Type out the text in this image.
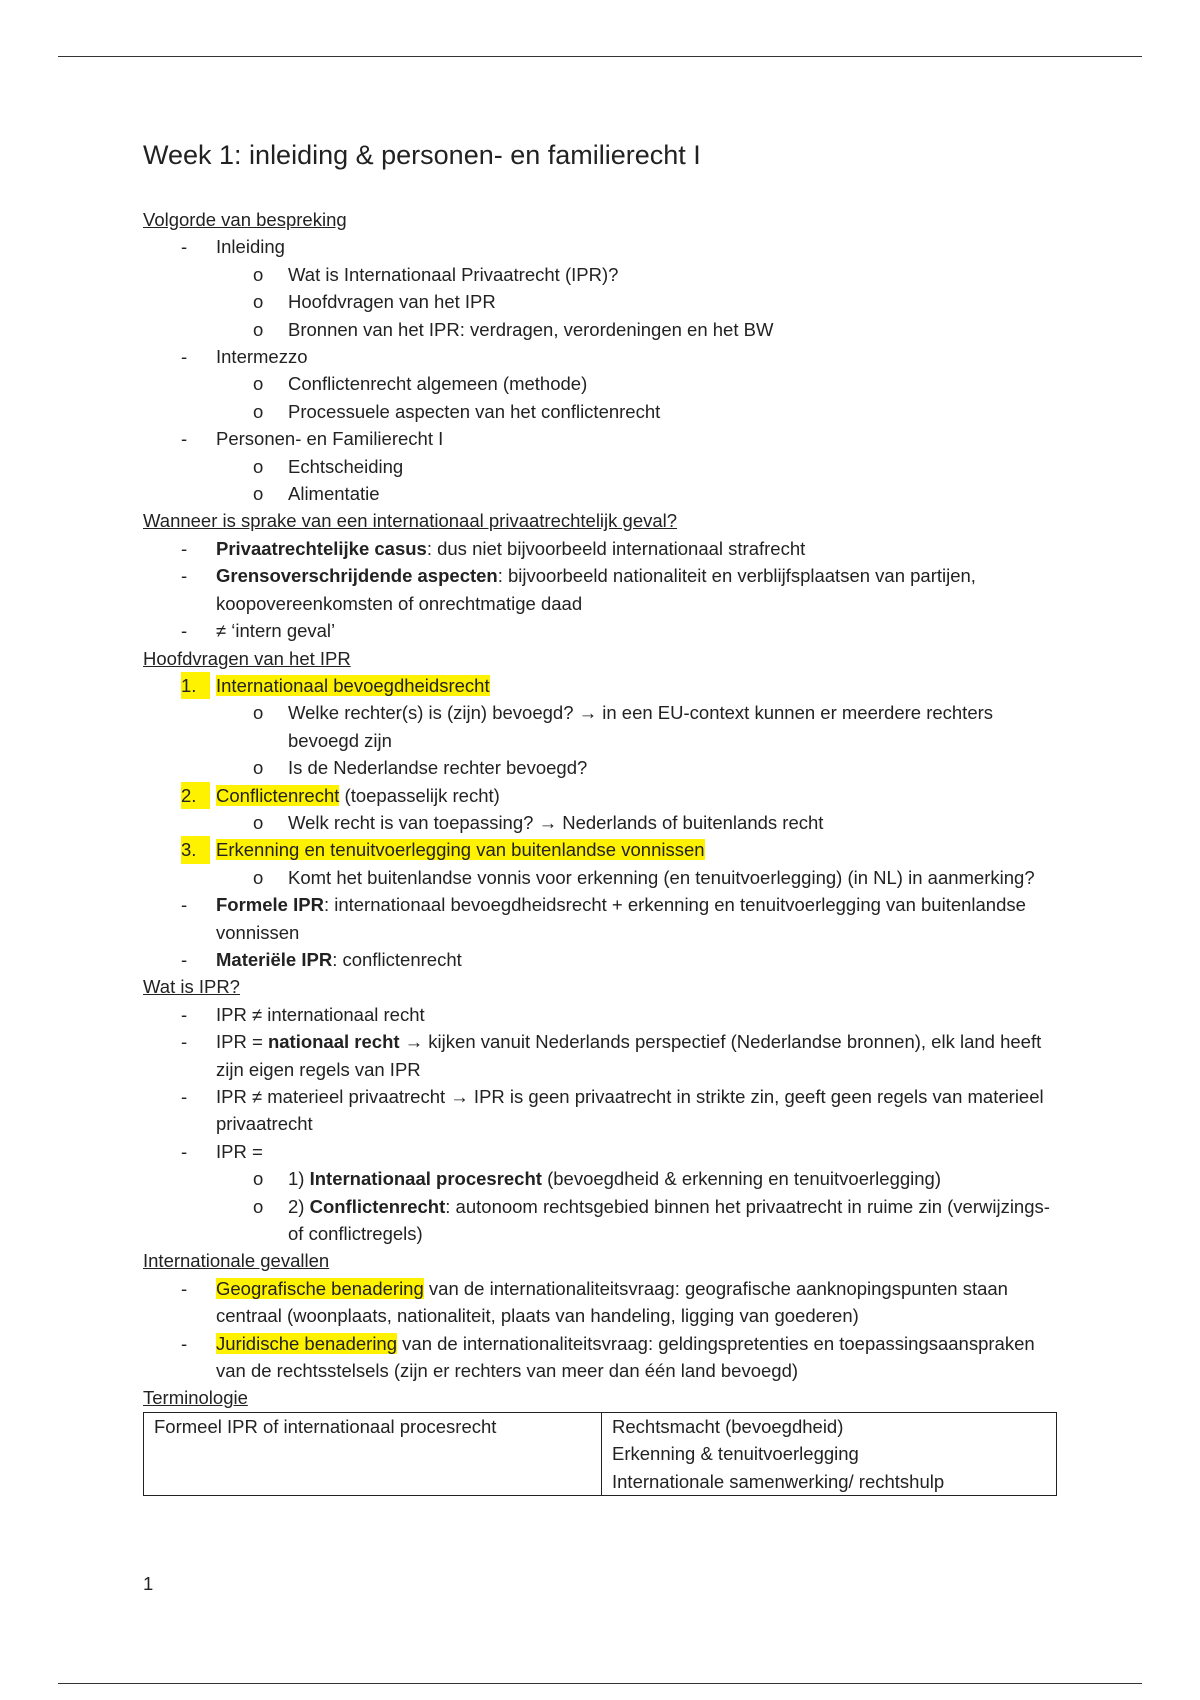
Week 1: inleiding & personen- en familierecht I
Volgorde van bespreking
- Inleiding
o Wat is Internationaal Privaatrecht (IPR)?
o Hoofdvragen van het IPR
o Bronnen van het IPR: verdragen, verordeningen en het BW
- Intermezzo
o Conflictenrecht algemeen (methode)
o Processuele aspecten van het conflictenrecht
- Personen- en Familierecht I
o Echtscheiding
o Alimentatie
Wanneer is sprake van een internationaal privaatrechtelijk geval?
- Privaatrechtelijke casus: dus niet bijvoorbeeld internationaal strafrecht
- Grensoverschrijdende aspecten: bijvoorbeeld nationaliteit en verblijfsplaatsen van partijen, koopovereenkomsten of onrechtmatige daad
- ≠ ‘intern geval’
Hoofdvragen van het IPR
1.	Internationaal bevoegdheidsrecht
o Welke rechter(s) is (zijn) bevoegd? → in een EU-context kunnen er meerdere rechters bevoegd zijn
o Is de Nederlandse rechter bevoegd?
2.	Conflictenrecht (toepasselijk recht)
o Welk recht is van toepassing? → Nederlands of buitenlands recht
3.	Erkenning en tenuitvoerlegging van buitenlandse vonnissen
o Komt het buitenlandse vonnis voor erkenning (en tenuitvoerlegging) (in NL) in aanmerking?
- Formele IPR: internationaal bevoegdheidsrecht + erkenning en tenuitvoerlegging van buitenlandse vonnissen
- Materiële IPR: conflictenrecht
Wat is IPR?
- IPR ≠ internationaal recht
- IPR = nationaal recht → kijken vanuit Nederlands perspectief (Nederlandse bronnen), elk land heeft zijn eigen regels van IPR
- IPR ≠ materieel privaatrecht → IPR is geen privaatrecht in strikte zin, geeft geen regels van materieel privaatrecht
- IPR =
o 1) Internationaal procesrecht (bevoegdheid & erkenning en tenuitvoerlegging)
o 2) Conflictenrecht: autonoom rechtsgebied binnen het privaatrecht in ruime zin (verwijzings- of conflictregels)
Internationale gevallen
- Geografische benadering van de internationaliteitsvraag: geografische aanknopingspunten staan centraal (woonplaats, nationaliteit, plaats van handeling, ligging van goederen)
- Juridische benadering van de internationaliteitsvraag: geldingspretenties en toepassingsaanspraken van de rechtsstelsels (zijn er rechters van meer dan één land bevoegd)
Terminologie
Formeel IPR of internationaal procesrecht	Rechtsmacht (bevoegdheid)
Erkenning & tenuitvoerlegging
Internationale samenwerking/ rechtshulp
1
